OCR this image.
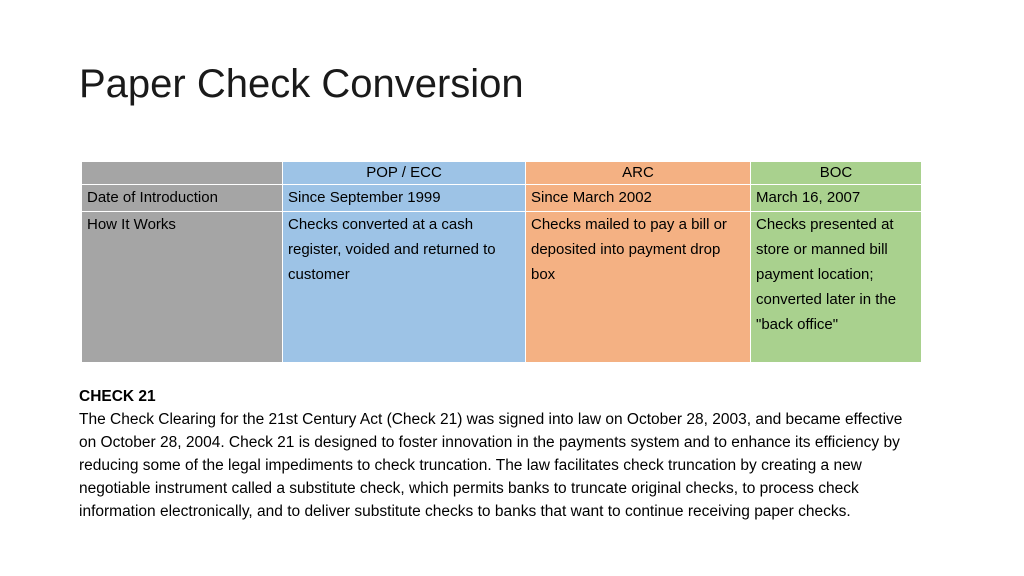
Paper Check Conversion
	POP / ECC	ARC	BOC
Date of Introduction	Since September 1999	Since March 2002	March 16, 2007
How It Works	Checks converted at a cash register, voided and returned to customer	Checks mailed to pay a bill or deposited into payment drop box	Checks presented at store or manned bill payment location; converted later in the "back office"
CHECK 21
The Check Clearing for the 21st Century Act (Check 21) was signed into law on October 28, 2003, and became effective on October 28, 2004. Check 21 is designed to foster innovation in the payments system and to enhance its efficiency by reducing some of the legal impediments to check truncation. The law facilitates check truncation by creating a new negotiable instrument called a substitute check, which permits banks to truncate original checks, to process check information electronically, and to deliver substitute checks to banks that want to continue receiving paper checks.
